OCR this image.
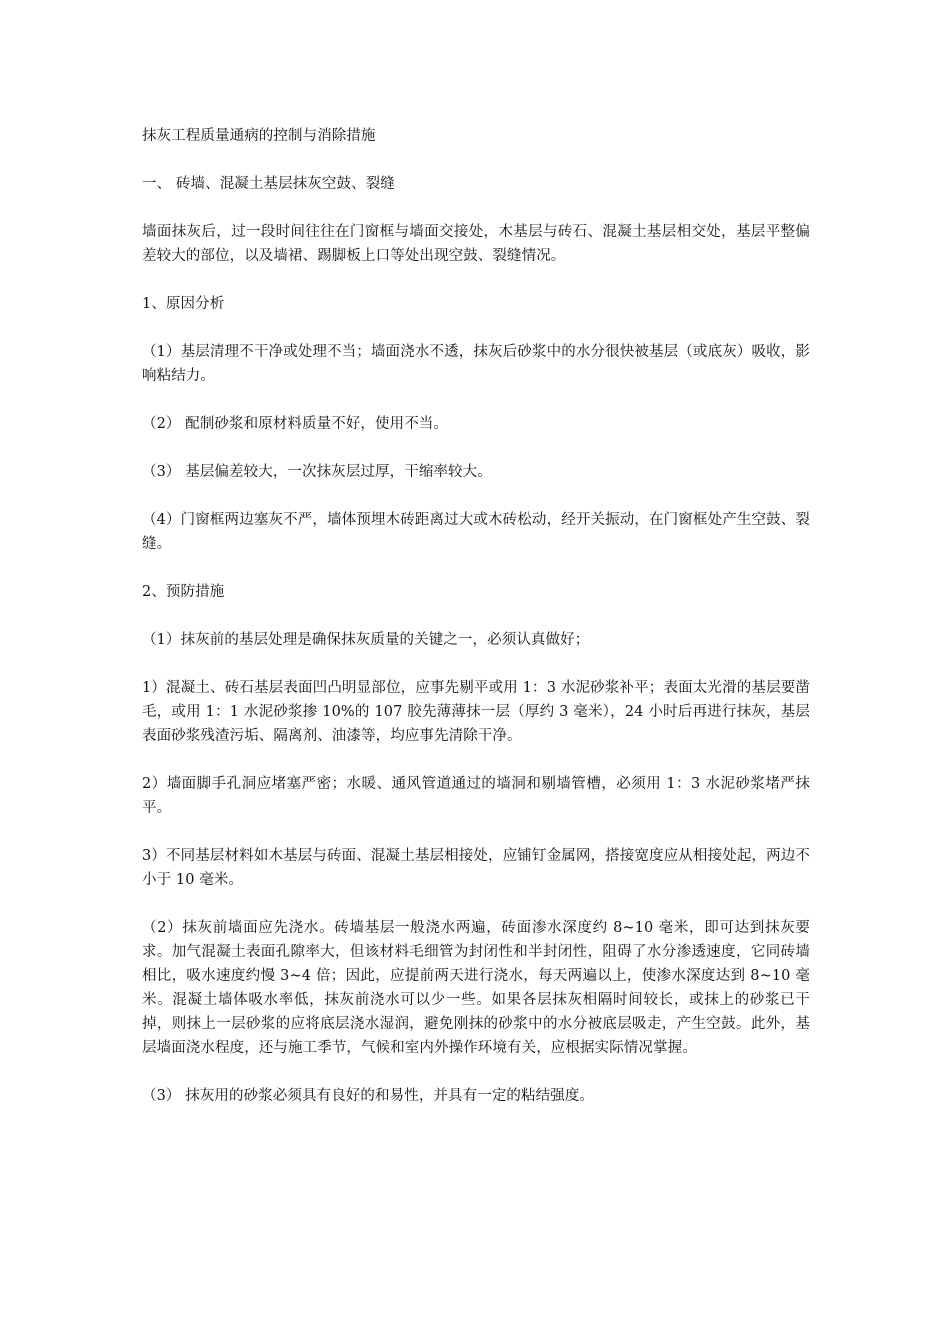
抹灰工程质量通病的控制与消除措施

一、 砖墙、混凝土基层抹灰空鼓、裂缝

墙面抹灰后，过一段时间往往在门窗框与墙面交接处，木基层与砖石、混凝土基层相交处，基层平整偏差较大的部位，以及墙裙、踢脚板上口等处出现空鼓、裂缝情况。

1、原因分析

（1）基层清理不干净或处理不当；墙面浇水不透，抹灰后砂浆中的水分很快被基层（或底灰）吸收，影响粘结力。

（2） 配制砂浆和原材料质量不好，使用不当。

（3） 基层偏差较大，一次抹灰层过厚，干缩率较大。

（4）门窗框两边塞灰不严，墙体预埋木砖距离过大或木砖松动，经开关振动，在门窗框处产生空鼓、裂缝。

2、预防措施

（1）抹灰前的基层处理是确保抹灰质量的关键之一，必须认真做好；

1）混凝土、砖石基层表面凹凸明显部位，应事先剔平或用 1：3 水泥砂浆补平；表面太光滑的基层要凿毛，或用 1：1 水泥砂浆掺 10%的 107 胶先薄薄抹一层（厚约 3 毫米），24 小时后再进行抹灰，基层表面砂浆残渣污垢、隔离剂、油漆等，均应事先清除干净。

2）墙面脚手孔洞应堵塞严密；水暖、通风管道通过的墙洞和剔墙管槽，必须用 1：3 水泥砂浆堵严抹平。

3）不同基层材料如木基层与砖面、混凝土基层相接处，应铺钉金属网，搭接宽度应从相接处起，两边不小于 10 毫米。

（2）抹灰前墙面应先浇水。砖墙基层一般浇水两遍，砖面渗水深度约 8~10 毫米，即可达到抹灰要求。加气混凝土表面孔隙率大，但该材料毛细管为封闭性和半封闭性，阻碍了水分渗透速度，它同砖墙相比，吸水速度约慢 3~4 倍；因此，应提前两天进行浇水，每天两遍以上，使渗水深度达到 8~10 毫米。混凝土墙体吸水率低，抹灰前浇水可以少一些。如果各层抹灰相隔时间较长，或抹上的砂浆已干掉，则抹上一层砂浆的应将底层浇水湿润，避免刚抹的砂浆中的水分被底层吸走，产生空鼓。此外，基层墙面浇水程度，还与施工季节，气候和室内外操作环境有关，应根据实际情况掌握。

（3） 抹灰用的砂浆必须具有良好的和易性，并具有一定的粘结强度。
